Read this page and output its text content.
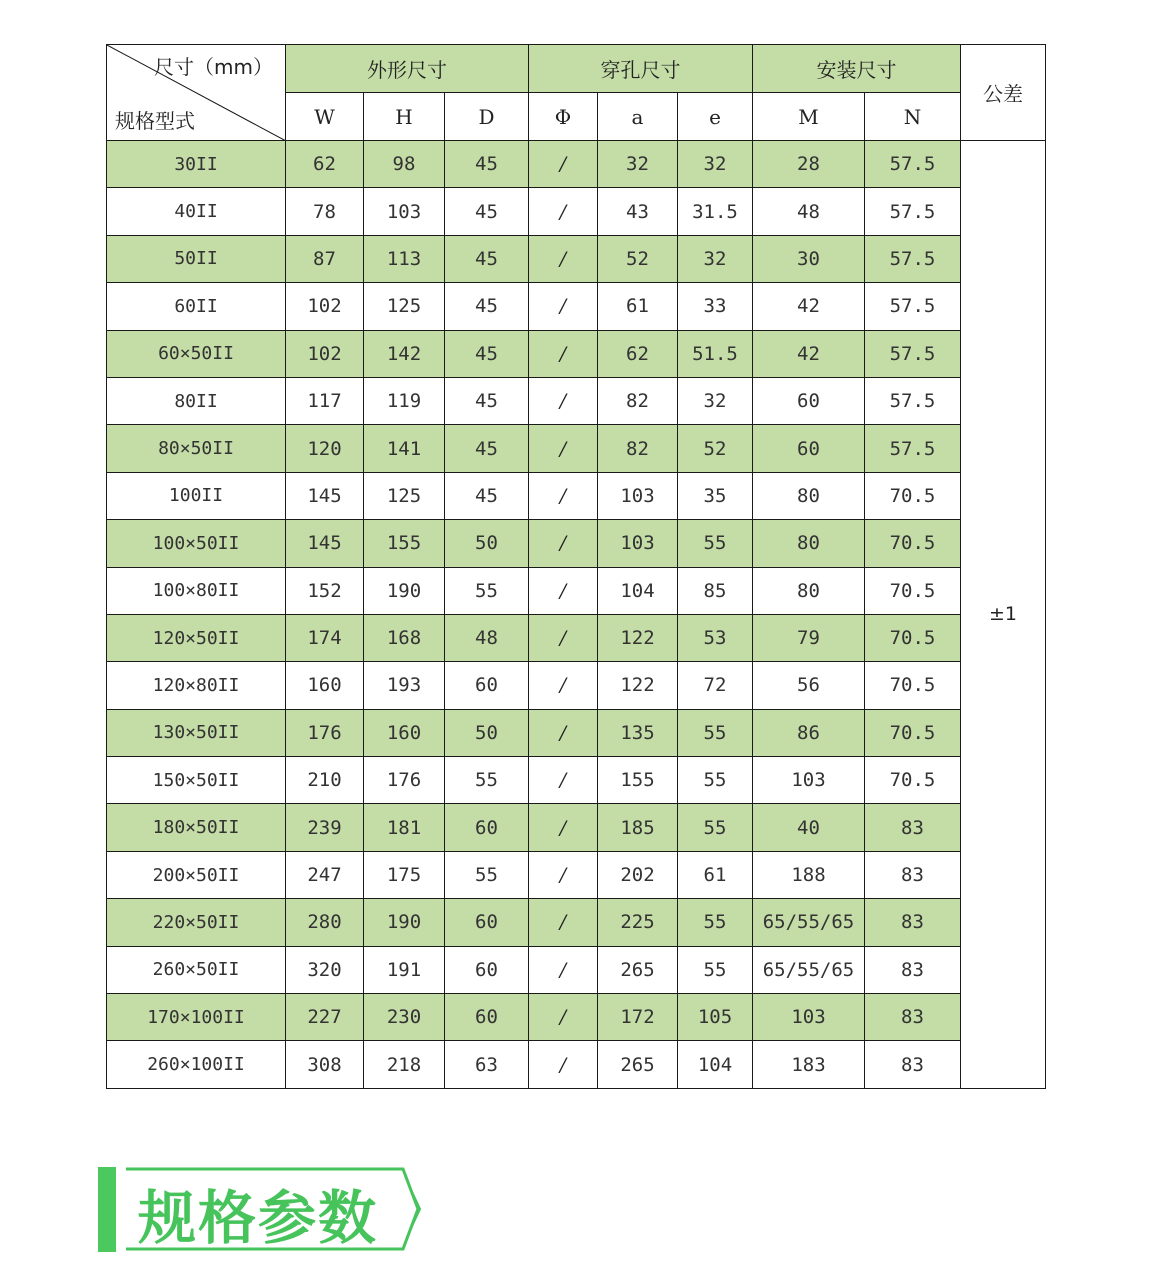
尺寸（mm）
规格型式	外形尺寸			穿孔尺寸			安装尺寸		公差
	W	H	D	Φ	a	e	M	N	
30II	62	98	45	/	32	32	28	57.5	±1
40II	78	103	45	/	43	31.5	48	57.5	
50II	87	113	45	/	52	32	30	57.5	
60II	102	125	45	/	61	33	42	57.5	
60×50II	102	142	45	/	62	51.5	42	57.5	
80II	117	119	45	/	82	32	60	57.5	
80×50II	120	141	45	/	82	52	60	57.5	
100II	145	125	45	/	103	35	80	70.5	
100×50II	145	155	50	/	103	55	80	70.5	
100×80II	152	190	55	/	104	85	80	70.5	
120×50II	174	168	48	/	122	53	79	70.5	
120×80II	160	193	60	/	122	72	56	70.5	
130×50II	176	160	50	/	135	55	86	70.5	
150×50II	210	176	55	/	155	55	103	70.5	
180×50II	239	181	60	/	185	55	40	83	
200×50II	247	175	55	/	202	61	188	83	
220×50II	280	190	60	/	225	55	65/55/65	83	
260×50II	320	191	60	/	265	55	65/55/65	83	
170×100II	227	230	60	/	172	105	103	83	
260×100II	308	218	63	/	265	104	183	83	
规格参数
